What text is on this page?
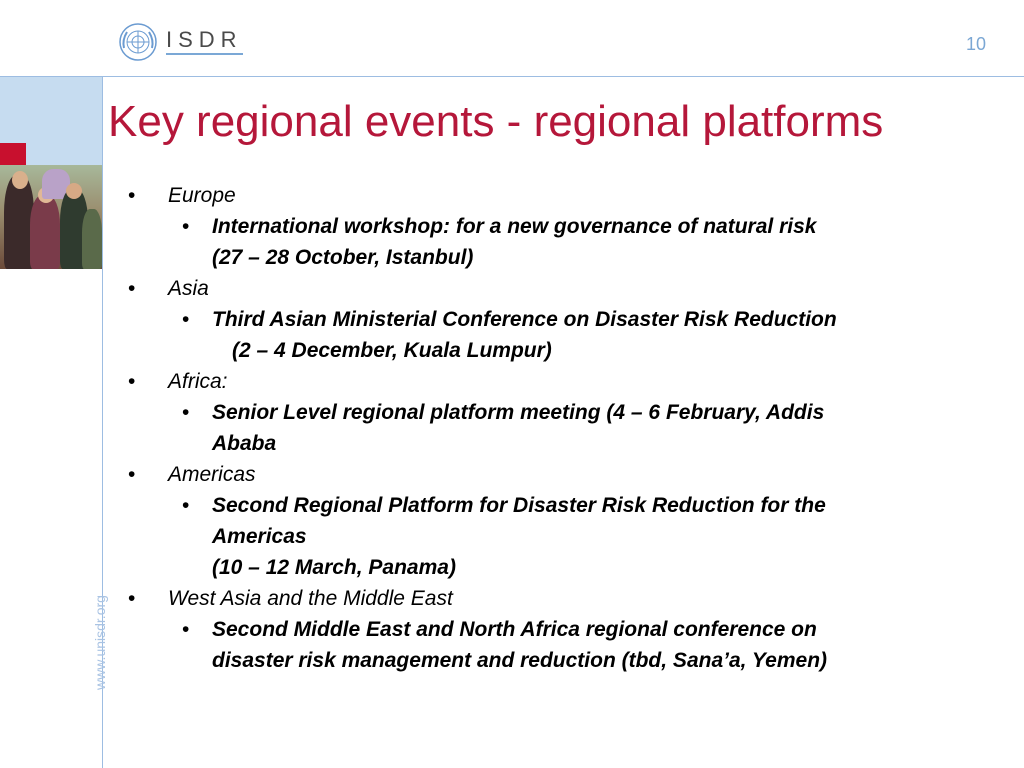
ISDR	10
www.unisdr.org
Key regional events - regional platforms
• Europe
• International workshop: for a new governance of natural risk
(27 – 28 October, Istanbul)
• Asia
• Third Asian Ministerial Conference on Disaster Risk Reduction
(2 – 4 December, Kuala Lumpur)
• Africa:
• Senior Level regional platform meeting (4 – 6 February, Addis
Ababa
• Americas
• Second Regional Platform for Disaster Risk Reduction for the
Americas
(10 – 12 March, Panama)
• West Asia and the Middle East
• Second Middle East and North Africa regional conference on
disaster risk management and reduction (tbd, Sana’a, Yemen)
